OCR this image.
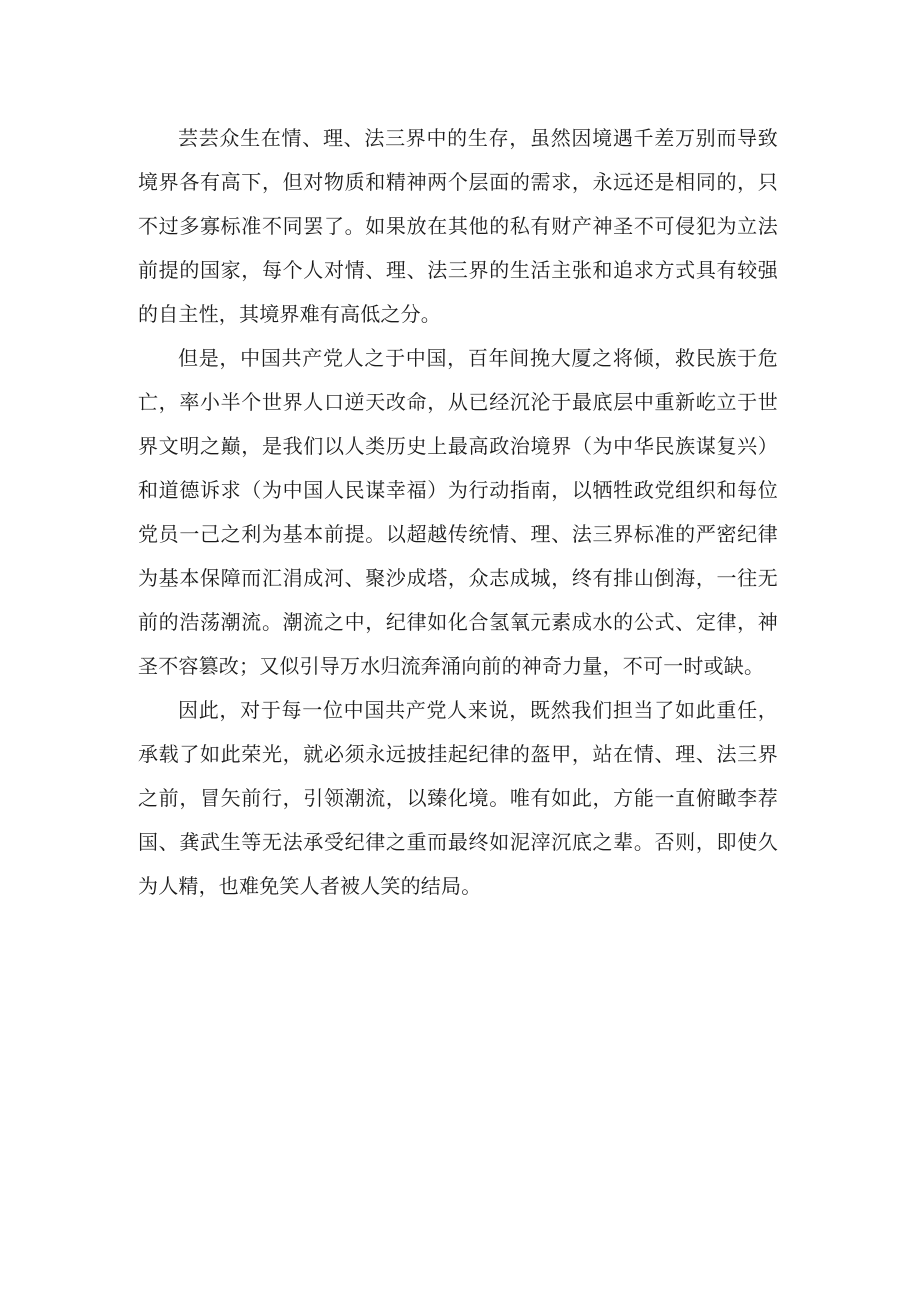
芸芸众生在情、理、法三界中的生存，虽然因境遇千差万别而导致境界各有高下，但对物质和精神两个层面的需求，永远还是相同的，只不过多寡标准不同罢了。如果放在其他的私有财产神圣不可侵犯为立法前提的国家，每个人对情、理、法三界的生活主张和追求方式具有较强的自主性，其境界难有高低之分。

但是，中国共产党人之于中国，百年间挽大厦之将倾，救民族于危亡，率小半个世界人口逆天改命，从已经沉沦于最底层中重新屹立于世界文明之巅，是我们以人类历史上最高政治境界（为中华民族谋复兴）和道德诉求（为中国人民谋幸福）为行动指南，以牺牲政党组织和每位党员一己之利为基本前提。以超越传统情、理、法三界标准的严密纪律为基本保障而汇涓成河、聚沙成塔，众志成城，终有排山倒海，一往无前的浩荡潮流。潮流之中，纪律如化合氢氧元素成水的公式、定律，神圣不容篡改；又似引导万水归流奔涌向前的神奇力量，不可一时或缺。

因此，对于每一位中国共产党人来说，既然我们担当了如此重任，承载了如此荣光，就必须永远披挂起纪律的盔甲，站在情、理、法三界之前，冒矢前行，引领潮流，以臻化境。唯有如此，方能一直俯瞰李荐国、龚武生等无法承受纪律之重而最终如泥滓沉底之辈。否则，即使久为人精，也难免笑人者被人笑的结局。
